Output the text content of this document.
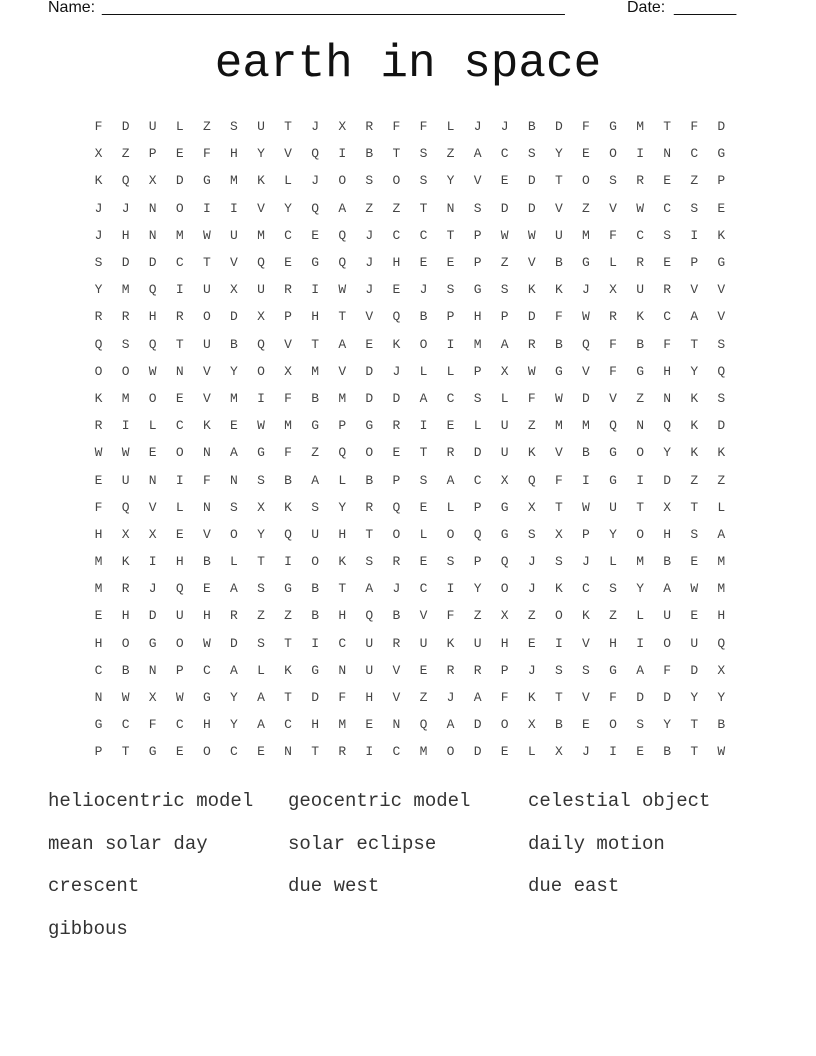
Name: ____________________________________________________	Date: _______
earth in space
F	D	U	L	Z	S	U	T	J	X	R	F	F	L	J	J	B	D	F	G	M	T	F	D
X	Z	P	E	F	H	Y	V	Q	I	B	T	S	Z	A	C	S	Y	E	O	I	N	C	G
K	Q	X	D	G	M	K	L	J	O	S	O	S	Y	V	E	D	T	O	S	R	E	Z	P
J	J	N	O	I	I	V	Y	Q	A	Z	Z	T	N	S	D	D	V	Z	V	W	C	S	E
J	H	N	M	W	U	M	C	E	Q	J	C	C	T	P	W	W	U	M	F	C	S	I	K
S	D	D	C	T	V	Q	E	G	Q	J	H	E	E	P	Z	V	B	G	L	R	E	P	G
Y	M	Q	I	U	X	U	R	I	W	J	E	J	S	G	S	K	K	J	X	U	R	V	V
R	R	H	R	O	D	X	P	H	T	V	Q	B	P	H	P	D	F	W	R	K	C	A	V
Q	S	Q	T	U	B	Q	V	T	A	E	K	O	I	M	A	R	B	Q	F	B	F	T	S
O	O	W	N	V	Y	O	X	M	V	D	J	L	L	P	X	W	G	V	F	G	H	Y	Q
K	M	O	E	V	M	I	F	B	M	D	D	A	C	S	L	F	W	D	V	Z	N	K	S
R	I	L	C	K	E	W	M	G	P	G	R	I	E	L	U	Z	M	M	Q	N	Q	K	D
W	W	E	O	N	A	G	F	Z	Q	O	E	T	R	D	U	K	V	B	G	O	Y	K	K
E	U	N	I	F	N	S	B	A	L	B	P	S	A	C	X	Q	F	I	G	I	D	Z	Z
F	Q	V	L	N	S	X	K	S	Y	R	Q	E	L	P	G	X	T	W	U	T	X	T	L
H	X	X	E	V	O	Y	Q	U	H	T	O	L	O	Q	G	S	X	P	Y	O	H	S	A
M	K	I	H	B	L	T	I	O	K	S	R	E	S	P	Q	J	S	J	L	M	B	E	M
M	R	J	Q	E	A	S	G	B	T	A	J	C	I	Y	O	J	K	C	S	Y	A	W	M
E	H	D	U	H	R	Z	Z	B	H	Q	B	V	F	Z	X	Z	O	K	Z	L	U	E	H
H	O	G	O	W	D	S	T	I	C	U	R	U	K	U	H	E	I	V	H	I	O	U	Q
C	B	N	P	C	A	L	K	G	N	U	V	E	R	R	P	J	S	S	G	A	F	D	X
N	W	X	W	G	Y	A	T	D	F	H	V	Z	J	A	F	K	T	V	F	D	D	Y	Y
G	C	F	C	H	Y	A	C	H	M	E	N	Q	A	D	O	X	B	E	O	S	Y	T	B
P	T	G	E	O	C	E	N	T	R	I	C	M	O	D	E	L	X	J	I	E	B	T	W
heliocentric model	geocentric model	celestial object
mean solar day	solar eclipse	daily motion
crescent	due west	due east
gibbous
